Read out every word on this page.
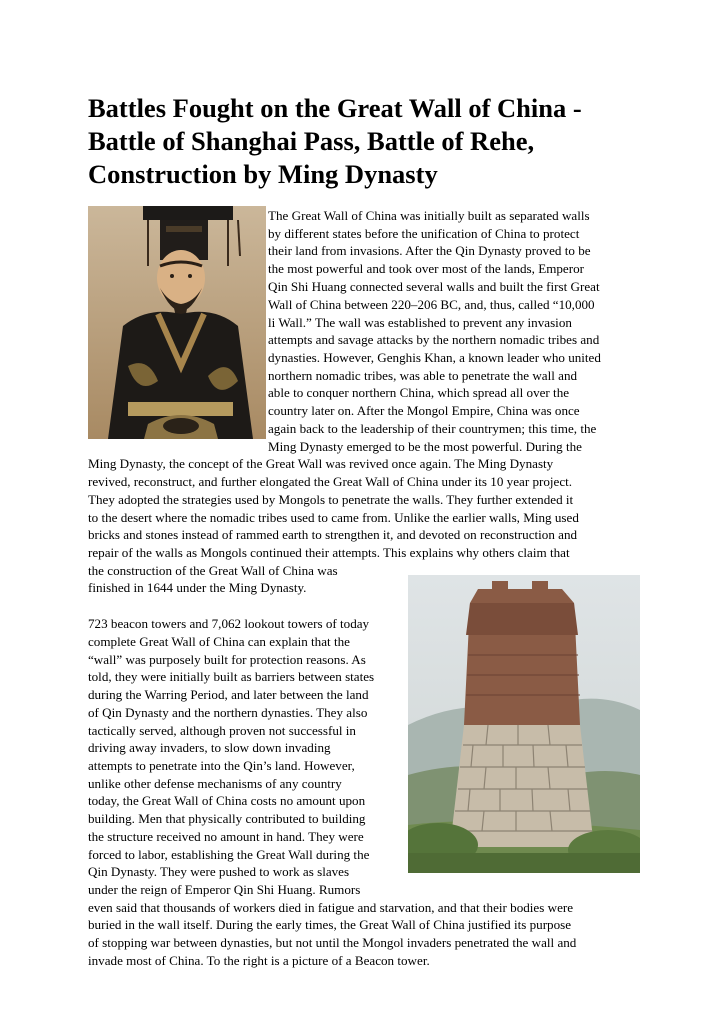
Battles Fought on the Great Wall of China -
Battle of Shanghai Pass, Battle of Rehe,
Construction by Ming Dynasty
The Great Wall of China was initially built as separated walls
by different states before the unification of China to protect
their land from invasions. After the Qin Dynasty proved to be
the most powerful and took over most of the lands, Emperor
Qin Shi Huang connected several walls and built the first Great
Wall of China between 220–206 BC, and, thus, called “10,000
li Wall.” The wall was established to prevent any invasion
attempts and savage attacks by the northern nomadic tribes and
dynasties. However, Genghis Khan, a known leader who united
northern nomadic tribes, was able to penetrate the wall and
able to conquer northern China, which spread all over the
country later on. After the Mongol Empire, China was once
again back to the leadership of their countrymen; this time, the
Ming Dynasty emerged to be the most powerful. During the
Ming Dynasty, the concept of the Great Wall was revived once again. The Ming Dynasty
revived, reconstruct, and further elongated the Great Wall of China under its 10 year project.
They adopted the strategies used by Mongols to penetrate the walls. They further extended it
to the desert where the nomadic tribes used to came from. Unlike the earlier walls, Ming used
bricks and stones instead of rammed earth to strengthen it, and devoted on reconstruction and
repair of the walls as Mongols continued their attempts. This explains why others claim that
the construction of the Great Wall of China was
finished in 1644 under the Ming Dynasty.
723 beacon towers and 7,062 lookout towers of today
complete Great Wall of China can explain that the
“wall” was purposely built for protection reasons. As
told, they were initially built as barriers between states
during the Warring Period, and later between the land
of Qin Dynasty and the northern dynasties. They also
tactically served, although proven not successful in
driving away invaders, to slow down invading
attempts to penetrate into the Qin’s land. However,
unlike other defense mechanisms of any country
today, the Great Wall of China costs no amount upon
building. Men that physically contributed to building
the structure received no amount in hand. They were
forced to labor, establishing the Great Wall during the
Qin Dynasty. They were pushed to work as slaves
under the reign of Emperor Qin Shi Huang. Rumors
even said that thousands of workers died in fatigue and starvation, and that their bodies were
buried in the wall itself. During the early times, the Great Wall of China justified its purpose
of stopping war between dynasties, but not until the Mongol invaders penetrated the wall and
invade most of China. To the right is a picture of a Beacon tower.
